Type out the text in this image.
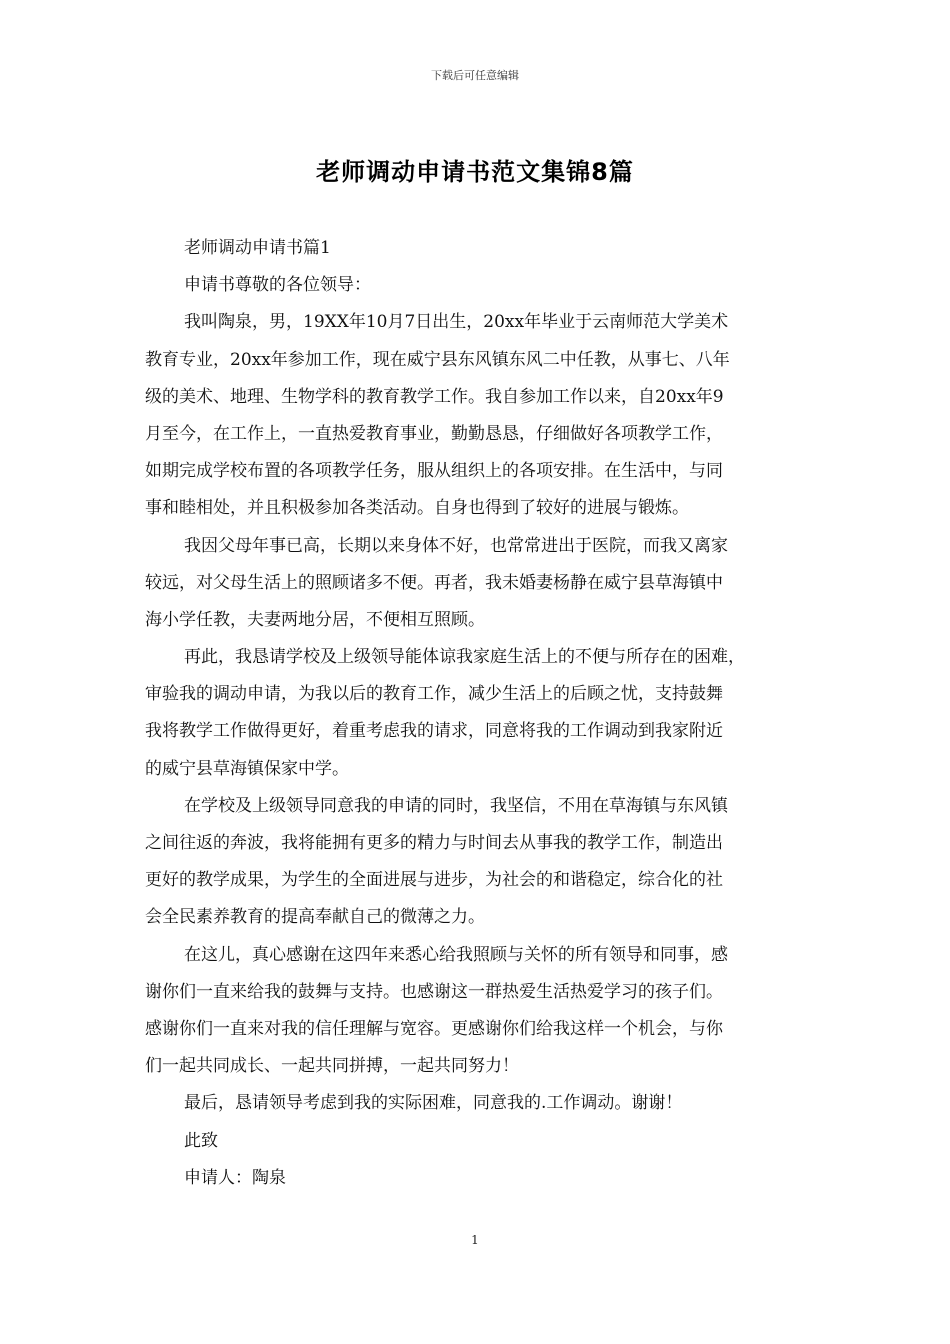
下载后可任意编辑
老师调动申请书范文集锦8篇
老师调动申请书篇1
申请书尊敬的各位领导：
我叫陶泉，男，19XX年10月7日出生，20xx年毕业于云南师范大学美术
教育专业，20xx年参加工作，现在威宁县东风镇东风二中任教，从事七、八年
级的美术、地理、生物学科的教育教学工作。我自参加工作以来，自20xx年9
月至今，在工作上，一直热爱教育事业，勤勤恳恳，仔细做好各项教学工作，
如期完成学校布置的各项教学任务，服从组织上的各项安排。在生活中，与同
事和睦相处，并且积极参加各类活动。自身也得到了较好的进展与锻炼。
我因父母年事已高，长期以来身体不好，也常常进出于医院，而我又离家
较远，对父母生活上的照顾诸多不便。再者，我未婚妻杨静在威宁县草海镇中
海小学任教，夫妻两地分居，不便相互照顾。
再此，我恳请学校及上级领导能体谅我家庭生活上的不便与所存在的困难，
审验我的调动申请，为我以后的教育工作，减少生活上的后顾之忧，支持鼓舞
我将教学工作做得更好，着重考虑我的请求，同意将我的工作调动到我家附近
的威宁县草海镇保家中学。
在学校及上级领导同意我的申请的同时，我坚信，不用在草海镇与东风镇
之间往返的奔波，我将能拥有更多的精力与时间去从事我的教学工作，制造出
更好的教学成果，为学生的全面进展与进步，为社会的和谐稳定，综合化的社
会全民素养教育的提高奉献自己的微薄之力。
在这儿，真心感谢在这四年来悉心给我照顾与关怀的所有领导和同事，感
谢你们一直来给我的鼓舞与支持。也感谢这一群热爱生活热爱学习的孩子们。
感谢你们一直来对我的信任理解与宽容。更感谢你们给我这样一个机会，与你
们一起共同成长、一起共同拼搏，一起共同努力！
最后，恳请领导考虑到我的实际困难，同意我的.工作调动。谢谢！
此致
申请人：陶泉
1
